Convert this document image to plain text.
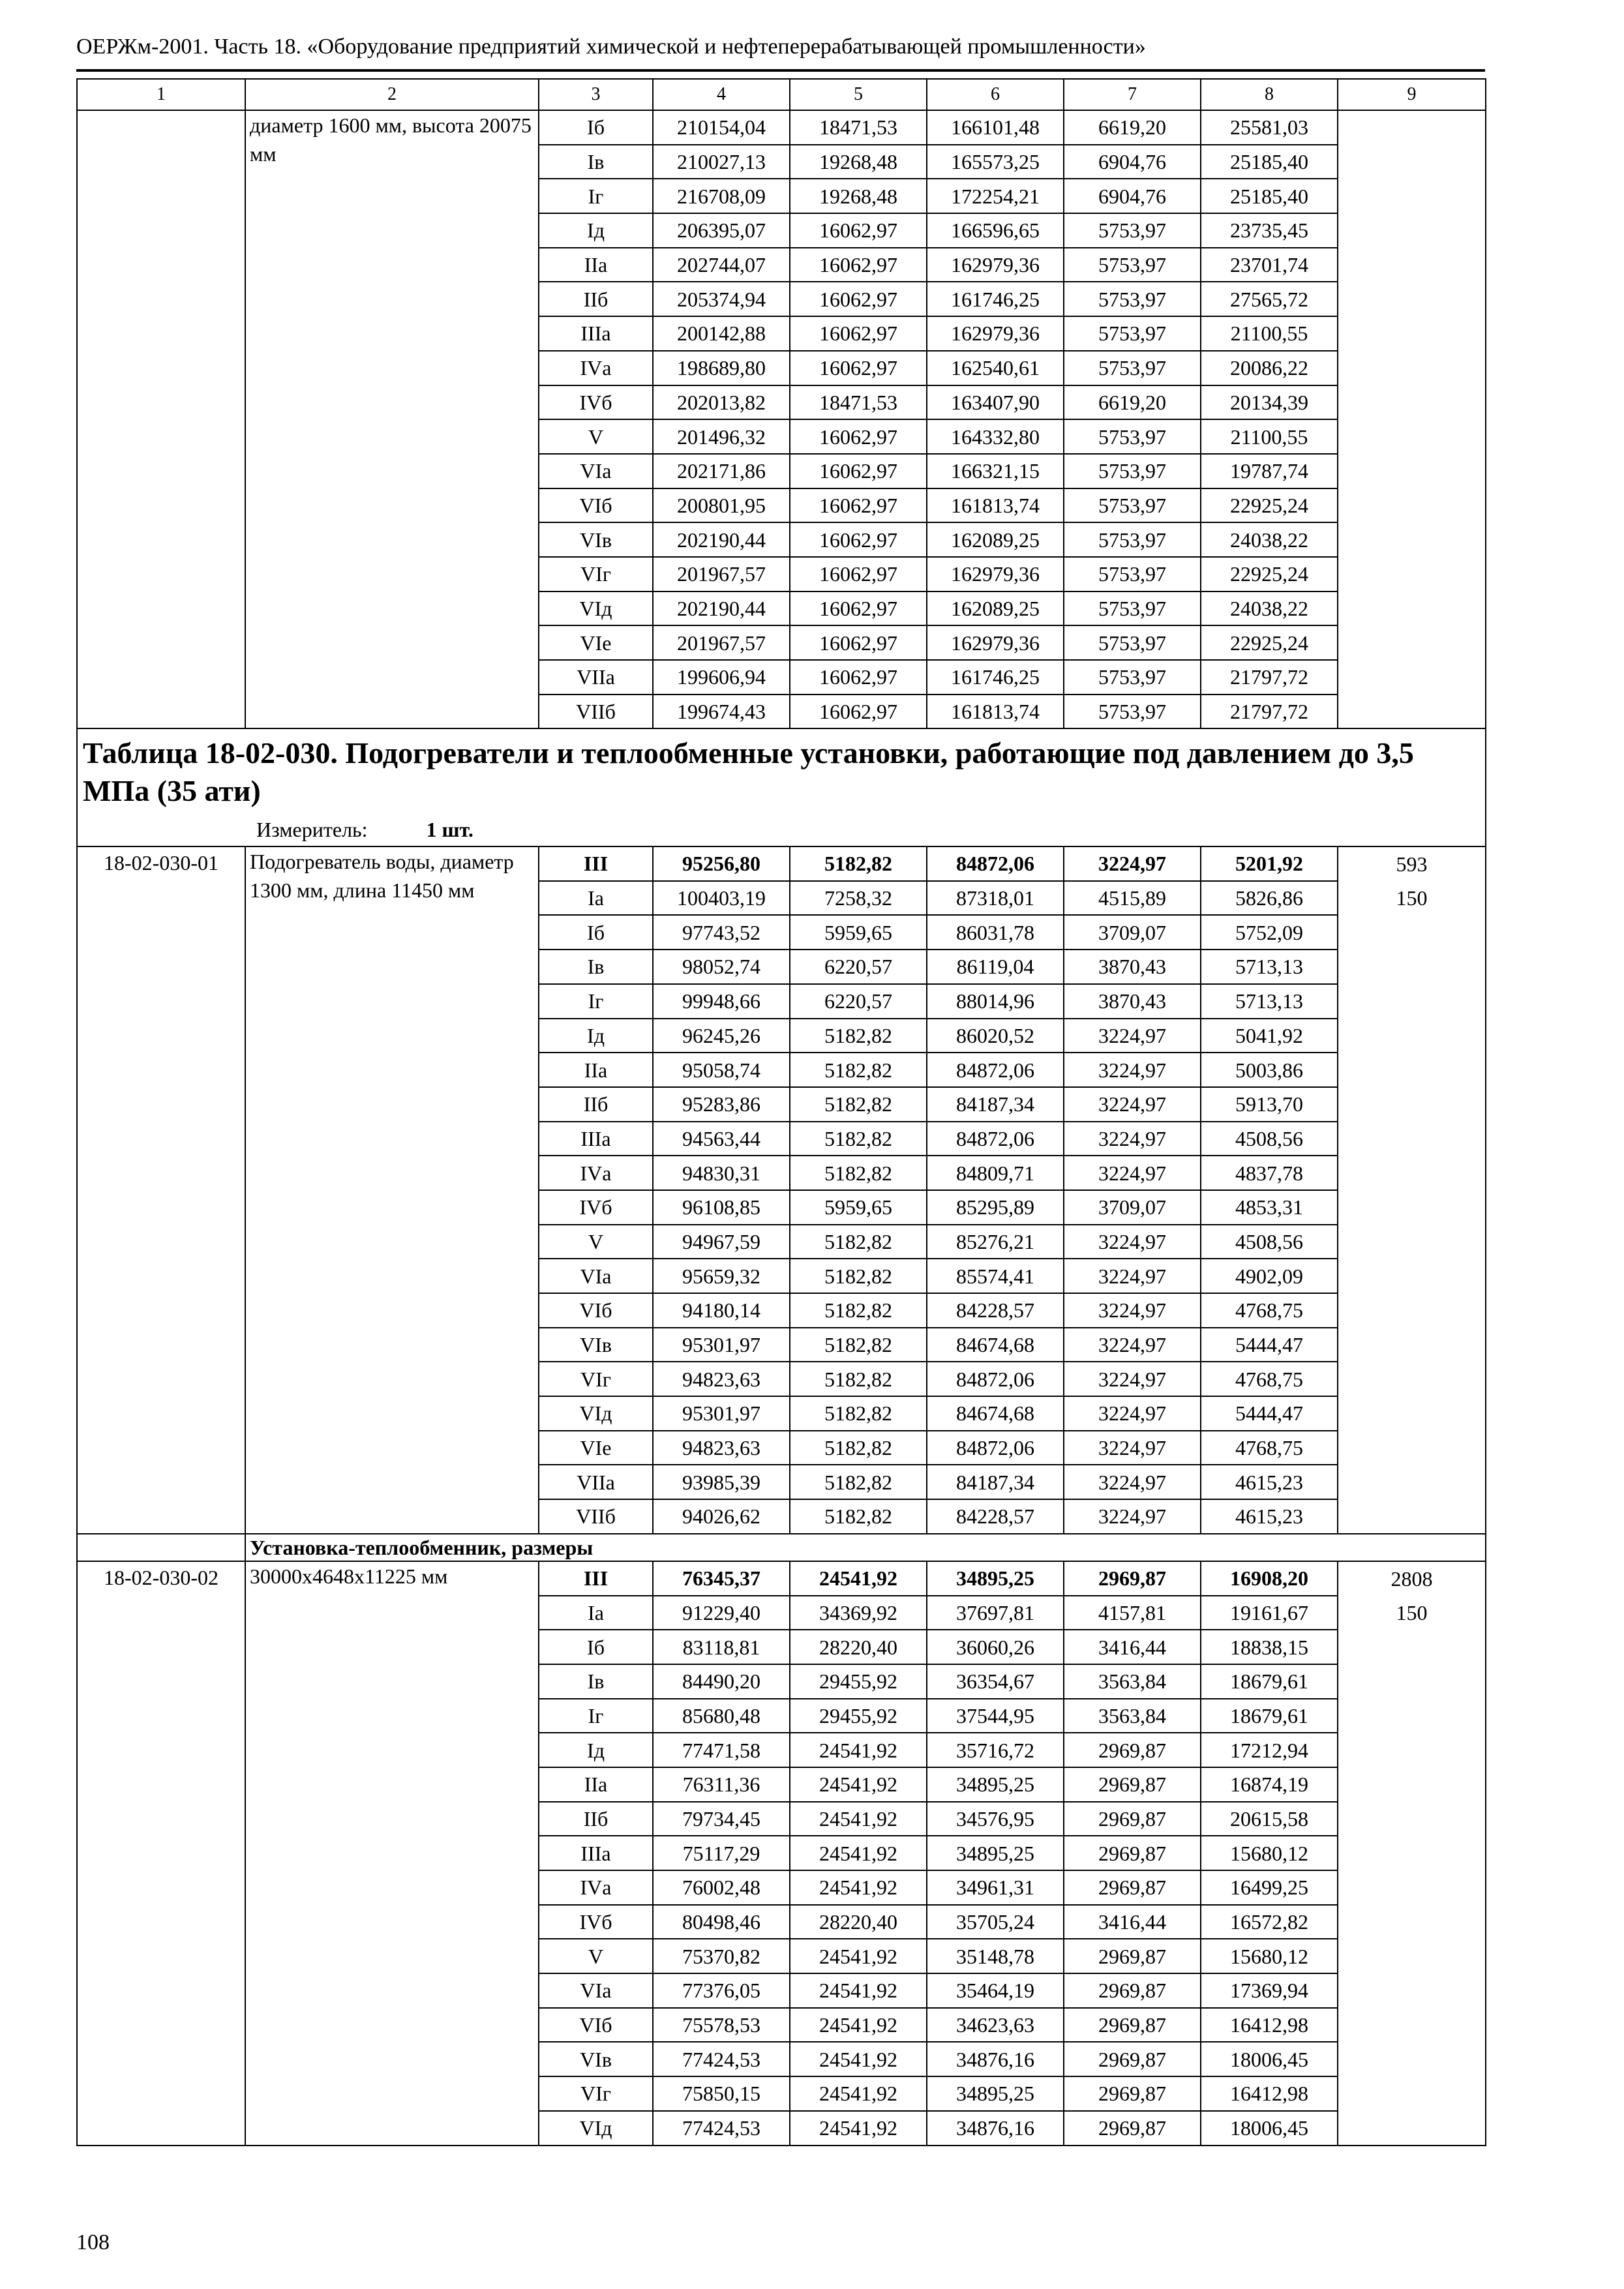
ОЕРЖм-2001. Часть 18. «Оборудование предприятий химической и нефтеперерабатывающей промышленности»
1	2	3	4	5	6	7	8	9
	диаметр 1600 мм, высота 20075 мм	Iб	210154,04	18471,53	166101,48	6619,20	25581,03	
		Iв	210027,13	19268,48	165573,25	6904,76	25185,40	
		Iг	216708,09	19268,48	172254,21	6904,76	25185,40	
		Iд	206395,07	16062,97	166596,65	5753,97	23735,45	
		IIа	202744,07	16062,97	162979,36	5753,97	23701,74	
		IIб	205374,94	16062,97	161746,25	5753,97	27565,72	
		IIIа	200142,88	16062,97	162979,36	5753,97	21100,55	
		IVа	198689,80	16062,97	162540,61	5753,97	20086,22	
		IVб	202013,82	18471,53	163407,90	6619,20	20134,39	
		V	201496,32	16062,97	164332,80	5753,97	21100,55	
		VIа	202171,86	16062,97	166321,15	5753,97	19787,74	
		VIб	200801,95	16062,97	161813,74	5753,97	22925,24	
		VIв	202190,44	16062,97	162089,25	5753,97	24038,22	
		VIг	201967,57	16062,97	162979,36	5753,97	22925,24	
		VIд	202190,44	16062,97	162089,25	5753,97	24038,22	
		VIе	201967,57	16062,97	162979,36	5753,97	22925,24	
		VIIа	199606,94	16062,97	161746,25	5753,97	21797,72	
		VIIб	199674,43	16062,97	161813,74	5753,97	21797,72	
Таблица 18-02-030. Подогреватели и теплообменные установки, работающие под давлением до 3,5 МПа (35 ати)								
Измеритель: 1 шт.								
18-02-030-01	Подогреватель воды, диаметр 1300 мм, длина 11450 мм	III	95256,80	5182,82	84872,06	3224,97	5201,92	593
		Iа	100403,19	7258,32	87318,01	4515,89	5826,86	150
		Iб	97743,52	5959,65	86031,78	3709,07	5752,09	
		Iв	98052,74	6220,57	86119,04	3870,43	5713,13	
		Iг	99948,66	6220,57	88014,96	3870,43	5713,13	
		Iд	96245,26	5182,82	86020,52	3224,97	5041,92	
		IIа	95058,74	5182,82	84872,06	3224,97	5003,86	
		IIб	95283,86	5182,82	84187,34	3224,97	5913,70	
		IIIа	94563,44	5182,82	84872,06	3224,97	4508,56	
		IVа	94830,31	5182,82	84809,71	3224,97	4837,78	
		IVб	96108,85	5959,65	85295,89	3709,07	4853,31	
		V	94967,59	5182,82	85276,21	3224,97	4508,56	
		VIа	95659,32	5182,82	85574,41	3224,97	4902,09	
		VIб	94180,14	5182,82	84228,57	3224,97	4768,75	
		VIв	95301,97	5182,82	84674,68	3224,97	5444,47	
		VIг	94823,63	5182,82	84872,06	3224,97	4768,75	
		VIд	95301,97	5182,82	84674,68	3224,97	5444,47	
		VIе	94823,63	5182,82	84872,06	3224,97	4768,75	
		VIIа	93985,39	5182,82	84187,34	3224,97	4615,23	
		VIIб	94026,62	5182,82	84228,57	3224,97	4615,23	
	Установка-теплообменник, размеры							
18-02-030-02	30000x4648x11225 мм	III	76345,37	24541,92	34895,25	2969,87	16908,20	2808
		Iа	91229,40	34369,92	37697,81	4157,81	19161,67	150
		Iб	83118,81	28220,40	36060,26	3416,44	18838,15	
		Iв	84490,20	29455,92	36354,67	3563,84	18679,61	
		Iг	85680,48	29455,92	37544,95	3563,84	18679,61	
		Iд	77471,58	24541,92	35716,72	2969,87	17212,94	
		IIа	76311,36	24541,92	34895,25	2969,87	16874,19	
		IIб	79734,45	24541,92	34576,95	2969,87	20615,58	
		IIIа	75117,29	24541,92	34895,25	2969,87	15680,12	
		IVа	76002,48	24541,92	34961,31	2969,87	16499,25	
		IVб	80498,46	28220,40	35705,24	3416,44	16572,82	
		V	75370,82	24541,92	35148,78	2969,87	15680,12	
		VIа	77376,05	24541,92	35464,19	2969,87	17369,94	
		VIб	75578,53	24541,92	34623,63	2969,87	16412,98	
		VIв	77424,53	24541,92	34876,16	2969,87	18006,45	
		VIг	75850,15	24541,92	34895,25	2969,87	16412,98	
		VIд	77424,53	24541,92	34876,16	2969,87	18006,45	
108
